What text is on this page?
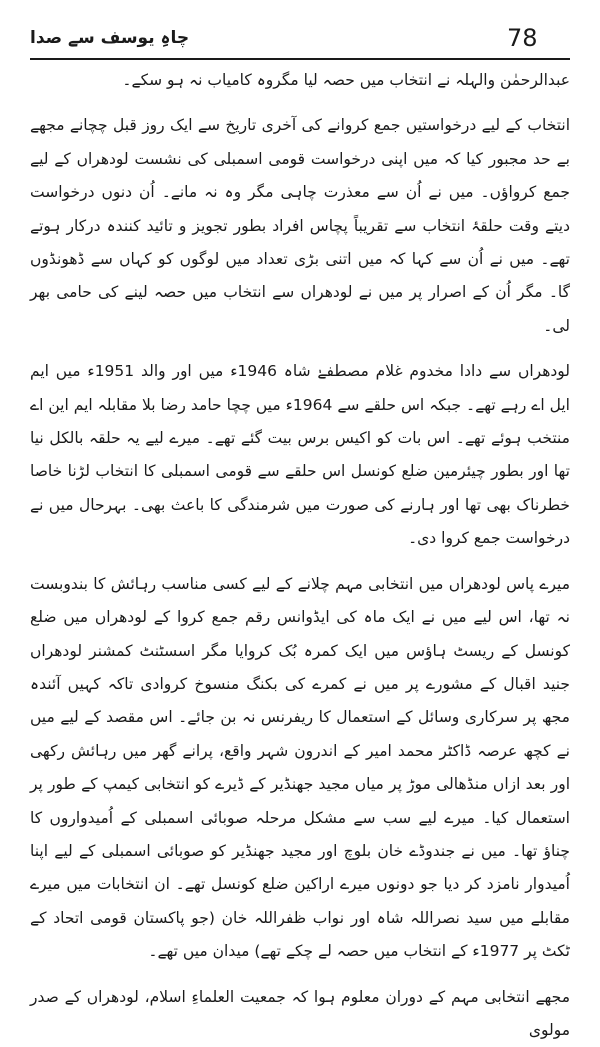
چاہِ یوسف سے صدا	78

عبدالرحمٰن والہلہ نے انتخاب میں حصہ لیا مگروہ کامیاب نہ ہو سکے۔

انتخاب کے لیے درخواستیں جمع کروانے کی آخری تاریخ سے ایک روز قبل چچانے مجھے بے حد مجبور کیا کہ میں اپنی درخواست قومی اسمبلی کی نشست لودھراں کے لیے جمع کرواؤں۔ میں نے اُن سے معذرت چاہی مگر وہ نہ مانے۔ اُن دنوں درخواست دیتے وقت حلقۂ انتخاب سے تقریباً پچاس افراد بطور تجویز و تائید کنندہ درکار ہوتے تھے۔ میں نے اُن سے کہا کہ میں اتنی بڑی تعداد میں لوگوں کو کہاں سے ڈھونڈوں گا۔ مگر اُن کے اصرار پر میں نے لودھراں سے انتخاب میں حصہ لینے کی حامی بھر لی۔

لودھراں سے دادا مخدوم غلام مصطفےٰ شاہ 1946ء میں اور والد 1951ء میں ایم ایل اے رہے تھے۔ جبکہ اس حلقے سے 1964ء میں چچا حامد رضا بلا مقابلہ ایم این اے منتخب ہوئے تھے۔ اس بات کو اکیس برس بیت گئے تھے۔ میرے لیے یہ حلقہ بالکل نیا تھا اور بطور چیئرمین ضلع کونسل اس حلقے سے قومی اسمبلی کا انتخاب لڑنا خاصا خطرناک بھی تھا اور ہارنے کی صورت میں شرمندگی کا باعث بھی۔ بہرحال میں نے درخواست جمع کروا دی۔

میرے پاس لودھراں میں انتخابی مہم چلانے کے لیے کسی مناسب رہائش کا بندوبست نہ تھا، اس لیے میں نے ایک ماہ کی ایڈوانس رقم جمع کروا کے لودھراں میں ضلع کونسل کے ریسٹ ہاؤس میں ایک کمرہ بُک کروایا مگر اسسٹنٹ کمشنر لودھراں جنید اقبال کے مشورے پر میں نے کمرے کی بکنگ منسوخ کروادی تاکہ کہیں آئندہ مجھ پر سرکاری وسائل کے استعمال کا ریفرنس نہ بن جائے۔ اس مقصد کے لیے میں نے کچھ عرصہ ڈاکٹر محمد امیر کے اندرون شہر واقع، پرانے گھر میں رہائش رکھی اور بعد ازاں منڈھالی موڑ پر میاں مجید جھنڈیر کے ڈیرے کو انتخابی کیمپ کے طور پر استعمال کیا۔ میرے لیے سب سے مشکل مرحلہ صوبائی اسمبلی کے اُمیدواروں کا چناؤ تھا۔ میں نے جندوڈے خان بلوچ اور مجید جھنڈیر کو صوبائی اسمبلی کے لیے اپنا اُمیدوار نامزد کر دیا جو دونوں میرے اراکین ضلع کونسل تھے۔ ان انتخابات میں میرے مقابلے میں سید نصراللہ شاہ اور نواب ظفراللہ خان (جو پاکستان قومی اتحاد کے ٹکٹ پر 1977ء کے انتخاب میں حصہ لے چکے تھے) میدان میں تھے۔

مجھے انتخابی مہم کے دوران معلوم ہوا کہ جمعیت العلماءِ اسلام، لودھراں کے صدر مولوی
